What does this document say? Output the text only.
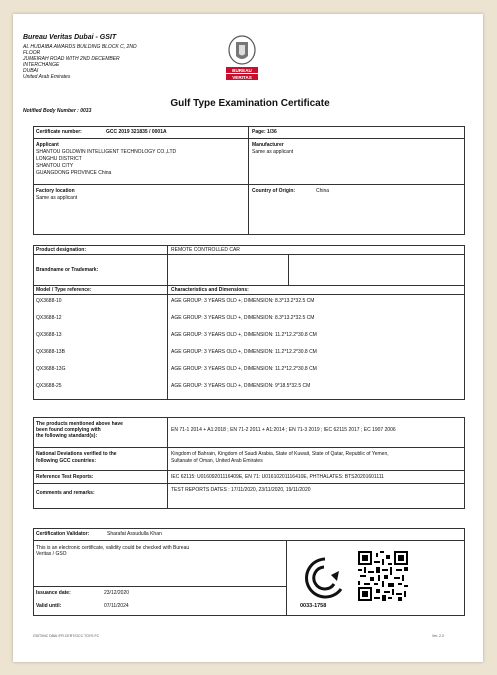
Bureau Veritas Dubai - GSIT
AL HUDAIBA AWARDS BUILDING BLOCK C, 2ND
FLOOR
JUMEIRAH ROAD WITH 2ND DECEMBER
INTERCHANGE
DUBAI
United Arab Emirates
Notified Body Number : 0033
BUREAU
VERITAS
Gulf Type Examination Certificate
Certificate number:	GCC 2019 321835 / 0001A	Page: 1/36
Applicant
SHANTOU GOLDWIN INTELLIGENT TECHNOLOGY CO.,LTD
LONGHU DISTRICT
SHANTOU CITY
GUANGDONG PROVINCE China
Manufacturer
Same as applicant
Factory location
Same as applicant
Country of Origin:	China
Product designation:	REMOTE CONTROLLED CAR
Brandname or Trademark:
Model / Type reference:	Characteristics and Dimensions:
QX3688-10	AGE GROUP: 3 YEARS OLD +, DIMENSION: 8.3*13.2*32.5 CM
QX3688-12	AGE GROUP: 3 YEARS OLD +, DIMENSION: 8.3*13.2*32.5 CM
QX3688-13	AGE GROUP: 3 YEARS OLD +, DIMENSION: 11.2*12.2*30.8 CM
QX3688-13B	AGE GROUP: 3 YEARS OLD +, DIMENSION: 11.2*12.2*30.8 CM
QX3688-13G	AGE GROUP: 3 YEARS OLD +, DIMENSION: 11.2*12.2*30.8 CM
QX3688-25	AGE GROUP: 3 YEARS OLD +, DIMENSION: 9*18.5*32.5 CM
The products mentioned above have
been found complying with
the following standard(s):
EN 71-1 2014 + A1:2018 ; EN 71-2 2011 + A1:2014 ; EN 71-3 2019 ; IEC 62115 2017 ; EC 1907 2006
National Deviations verified to the
following GCC countries:
Kingdom of Bahrain, Kingdom of Saudi Arabia, State of Kuwait, State of Qatar, Republic of Yemen,
Sultanate of Oman, United Arab Emirates
Reference Test Reports:	IEC 62115: U01609201116409E, EN 71: U01610201116410E, PHTHALATES: BTS20201601111
Comments and remarks:	TEST REPORTS DATES : 17/11/2020, 23/11/2020, 19/11/2020
Certification Validator:	Sharafat Assudulla Khan
This is an electronic certificate, validity could be checked with Bureau
Veritas / GSO
Issuance date:	23/12/2020
Valid until:	07/11/2024	0033-1758
GSIT/INC DBAI /FR.CERT/GCC TOYS FC	Ver. 2.3
